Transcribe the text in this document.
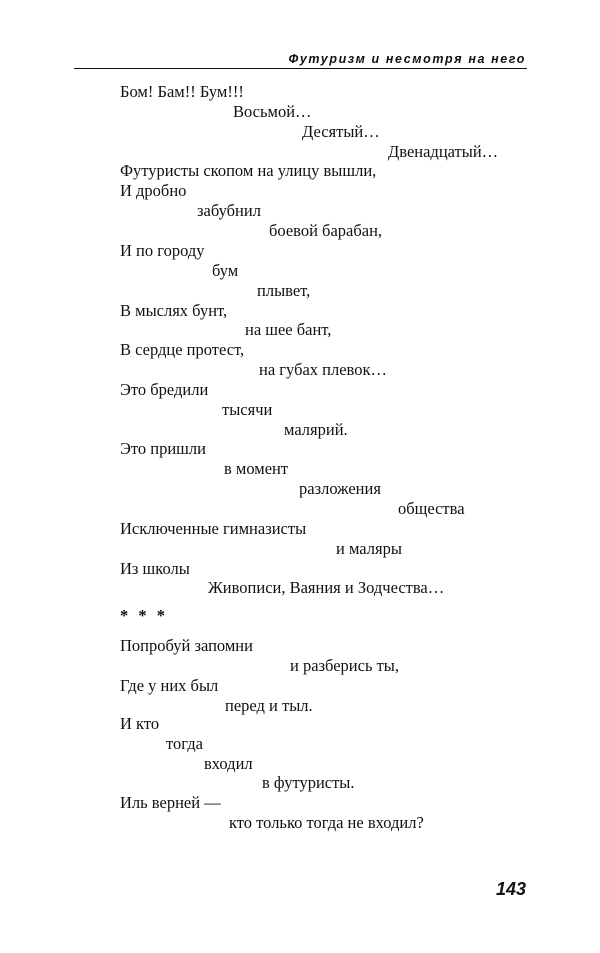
Футуризм и несмотря на него

Бом! Бам!! Бум!!!

Восьмой…

Десятый…

Двенадцатый…

Футуристы скопом на улицу вышли,

И дробно

забубнил

боевой барабан,

И по городу

бум

плывет,

В мыслях бунт,

на шее бант,

В сердце протест,

на губах плевок…

Это бредили

тысячи

малярий.

Это пришли

в момент

разложения

общества

Исключенные гимназисты

и маляры

Из школы

Живописи, Ваяния и Зодчества…

* * *

Попробуй запомни

и разберись ты,

Где у них был

перед и тыл.

И кто

тогда

входил

в футуристы.

Иль верней —

кто только тогда не входил?

143
